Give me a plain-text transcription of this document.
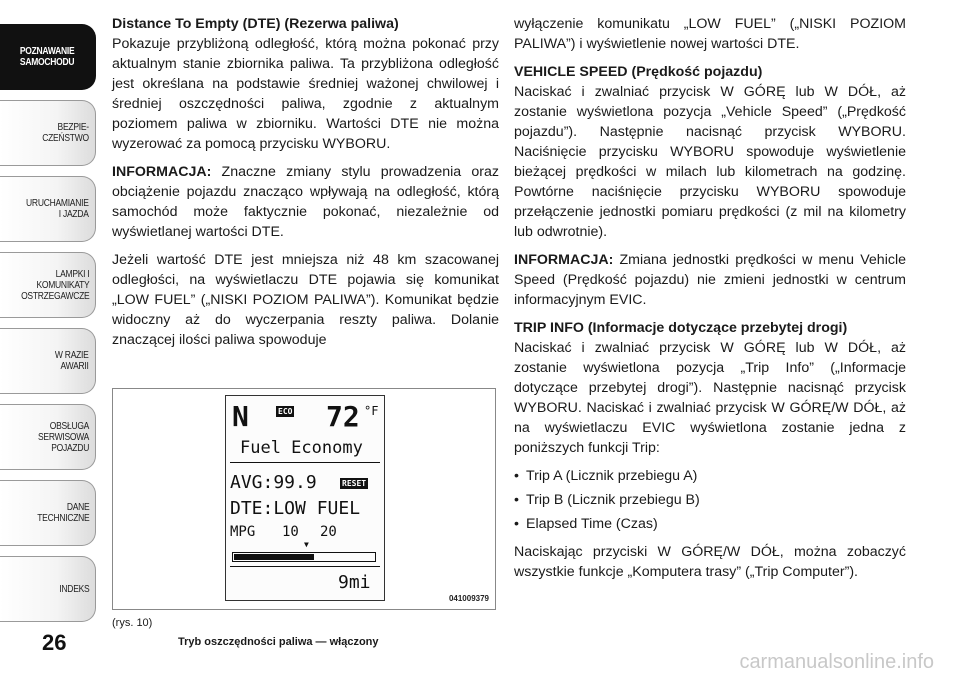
POZNAWANIE
SAMOCHODU
BEZPIE-
CZEŃSTWO
URUCHAMIANIE
I JAZDA
LAMPKI I
KOMUNIKATY
OSTRZEGAWCZE
W RAZIE
AWARII
OBSŁUGA
SERWISOWA
POJAZDU
DANE
TECHNICZNE
INDEKS
26
Distance To Empty (DTE) (Rezerwa paliwa)

Pokazuje przybliżoną odległość, którą można pokonać przy aktualnym stanie zbiornika paliwa. Ta przybliżona odległość jest określana na podstawie średniej ważonej chwilowej i średniej oszczędności paliwa, zgodnie z aktualnym poziomem paliwa w zbiorniku. Wartości DTE nie można wyzerować za pomocą przycisku WYBORU.

INFORMACJA: Znaczne zmiany stylu prowadzenia oraz obciążenie pojazdu znacząco wpływają na odległość, którą samochód może faktycznie pokonać, niezależnie od wyświetlanej wartości DTE.

Jeżeli wartość DTE jest mniejsza niż 48 km szacowanej odległości, na wyświetlaczu DTE pojawia się komunikat „LOW FUEL” („NISKI POZIOM PALIWA”). Komunikat będzie widoczny aż do wyczerpania reszty paliwa. Dolanie znaczącej ilości paliwa spowoduje

N	ECO 72 °F
Fuel Economy
AVG:99.9	RESET
DTE:LOW FUEL
MPG 10 20
▼
9mi
041009379
(rys. 10)
Tryb oszczędności paliwa — włączony

wyłączenie komunikatu „LOW FUEL” („NISKI POZIOM PALIWA”) i wyświetlenie nowej wartości DTE.

VEHICLE SPEED (Prędkość pojazdu)

Naciskać i zwalniać przycisk W GÓRĘ lub W DÓŁ, aż zostanie wyświetlona pozycja „Vehicle Speed” („Prędkość pojazdu”). Następnie nacisnąć przycisk WYBORU. Naciśnięcie przycisku WYBORU spowoduje wyświetlenie bieżącej prędkości w milach lub kilometrach na godzinę. Powtórne naciśnięcie przycisku WYBORU spowoduje przełączenie jednostki pomiaru prędkości (z mil na kilometry lub odwrotnie).

INFORMACJA: Zmiana jednostki prędkości w menu Vehicle Speed (Prędkość pojazdu) nie zmieni jednostki w centrum informacyjnym EVIC.

TRIP INFO (Informacje dotyczące przebytej drogi)

Naciskać i zwalniać przycisk W GÓRĘ lub W DÓŁ, aż zostanie wyświetlona pozycja „Trip Info” („Informacje dotyczące przebytej drogi”). Następnie nacisnąć przycisk WYBORU. Naciskać i zwalniać przycisk W GÓRĘ/W DÓŁ, aż na wyświetlaczu EVIC wyświetlona zostanie jedna z poniższych funkcji Trip:

• Trip A (Licznik przebiegu A)
• Trip B (Licznik przebiegu B)
• Elapsed Time (Czas)

Naciskając przyciski W GÓRĘ/W DÓŁ, można zobaczyć wszystkie funkcje „Komputera trasy” („Trip Computer”).

carmanualsonline.info
